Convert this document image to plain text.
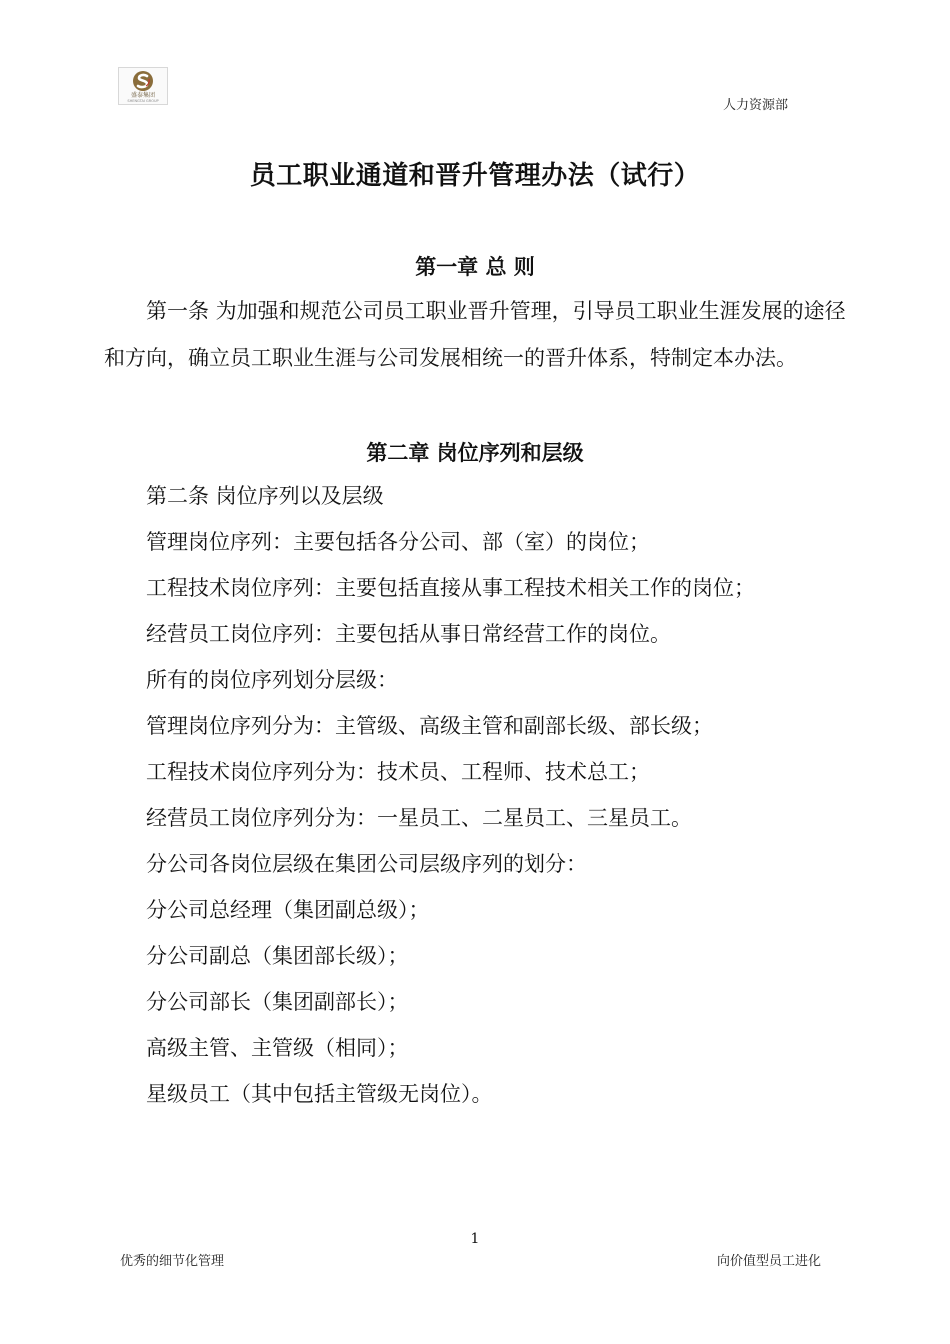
盛泰集团
SHENGTAI GROUP	人力资源部
员工职业通道和晋升管理办法（试行）
第一章 总 则

第一条 为加强和规范公司员工职业晋升管理，引导员工职业生涯发展的途径和方向，确立员工职业生涯与公司发展相统一的晋升体系，特制定本办法。

第二章 岗位序列和层级
第二条 岗位序列以及层级
管理岗位序列：主要包括各分公司、部（室）的岗位；
工程技术岗位序列：主要包括直接从事工程技术相关工作的岗位；
经营员工岗位序列：主要包括从事日常经营工作的岗位。
所有的岗位序列划分层级：
管理岗位序列分为：主管级、高级主管和副部长级、部长级；
工程技术岗位序列分为：技术员、工程师、技术总工；
经营员工岗位序列分为：一星员工、二星员工、三星员工。
分公司各岗位层级在集团公司层级序列的划分：
分公司总经理（集团副总级）；
分公司副总（集团部长级）；
分公司部长（集团副部长）；
高级主管、主管级（相同）；
星级员工（其中包括主管级无岗位）。
1
优秀的细节化管理	向价值型员工进化
